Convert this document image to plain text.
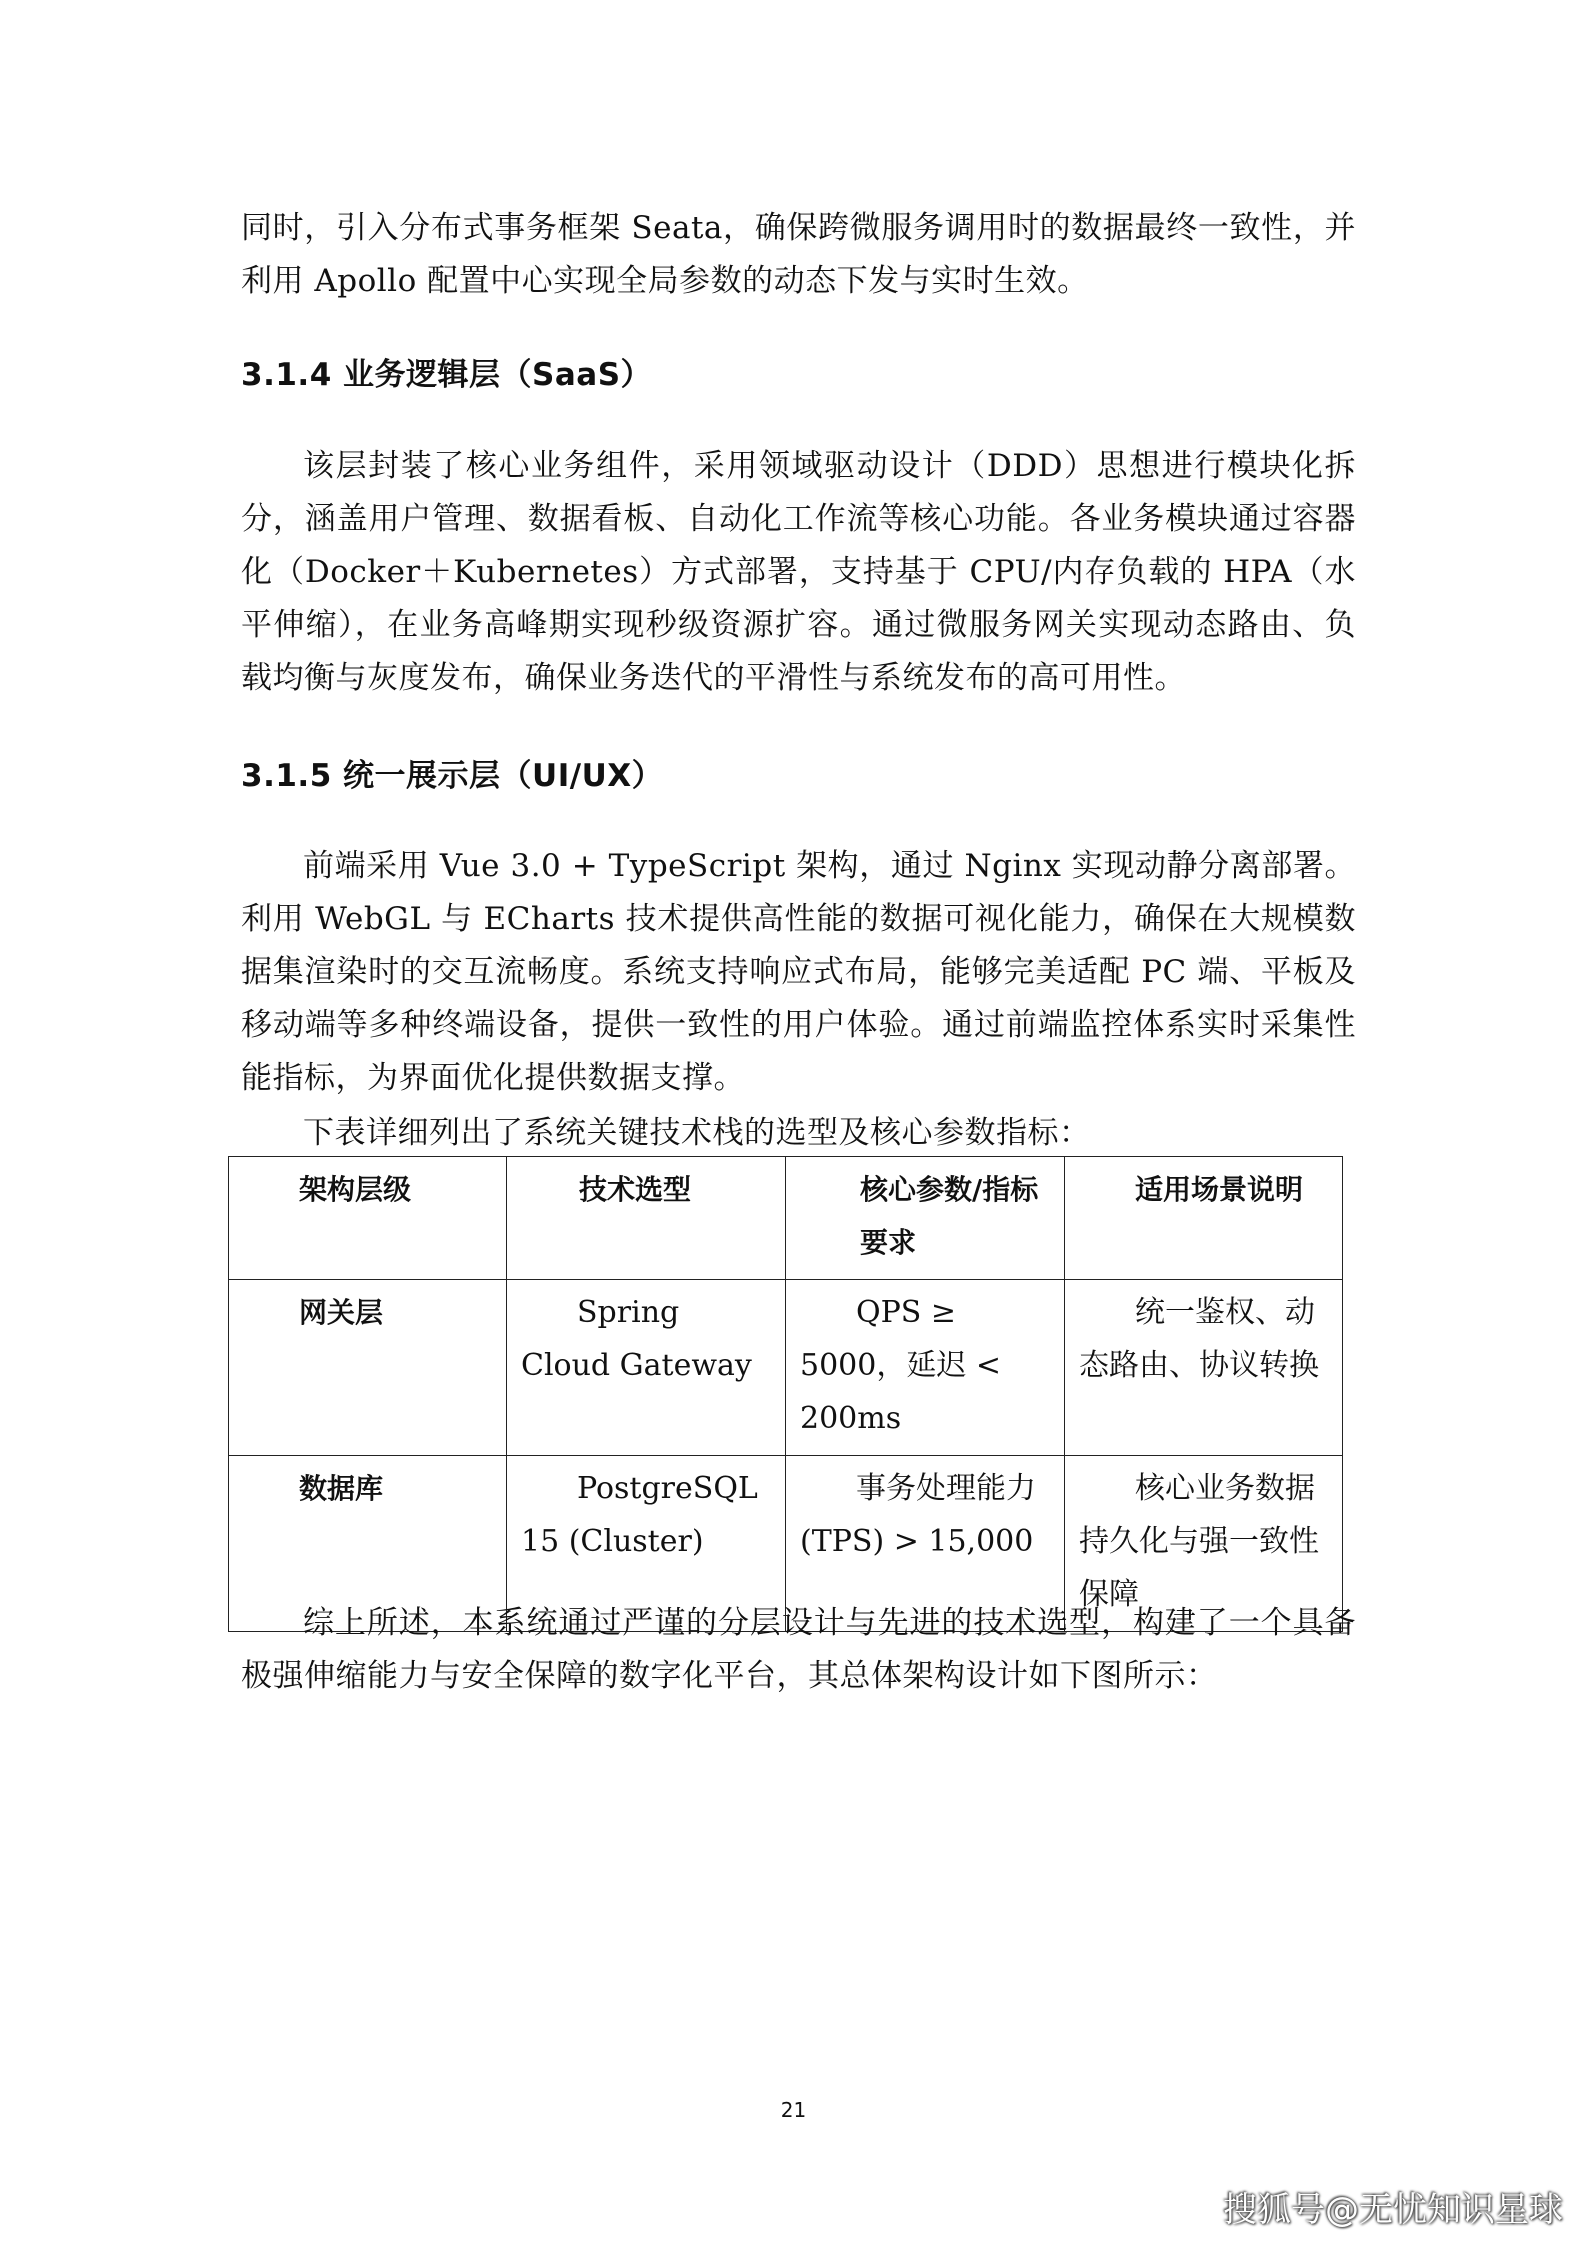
同时，引入分布式事务框架 Seata，确保跨微服务调用时的数据最终一致性，并利用 Apollo 配置中心实现全局参数的动态下发与实时生效。

3.1.4 业务逻辑层（SaaS）

该层封装了核心业务组件，采用领域驱动设计（DDD）思想进行模块化拆分，涵盖用户管理、数据看板、自动化工作流等核心功能。各业务模块通过容器化（Docker＋Kubernetes）方式部署，支持基于 CPU/内存负载的 HPA（水平伸缩），在业务高峰期实现秒级资源扩容。通过微服务网关实现动态路由、负载均衡与灰度发布，确保业务迭代的平滑性与系统发布的高可用性。

3.1.5 统一展示层（UI/UX）

前端采用 Vue 3.0 + TypeScript 架构，通过 Nginx 实现动静分离部署。利用 WebGL 与 ECharts 技术提供高性能的数据可视化能力，确保在大规模数据集渲染时的交互流畅度。系统支持响应式布局，能够完美适配 PC 端、平板及移动端等多种终端设备，提供一致性的用户体验。通过前端监控体系实时采集性能指标，为界面优化提供数据支撑。

下表详细列出了系统关键技术栈的选型及核心参数指标：

架构层级	技术选型	核心参数/指标要求	适用场景说明
网关层	Spring Cloud Gateway	QPS ≥ 5000，延迟 < 200ms	统一鉴权、动态路由、协议转换
数据库	PostgreSQL 15 (Cluster)	事务处理能力 (TPS) > 15,000	核心业务数据持久化与强一致性保障

综上所述，本系统通过严谨的分层设计与先进的技术选型，构建了一个具备极强伸缩能力与安全保障的数字化平台，其总体架构设计如下图所示：

21
搜狐号@无忧知识星球
